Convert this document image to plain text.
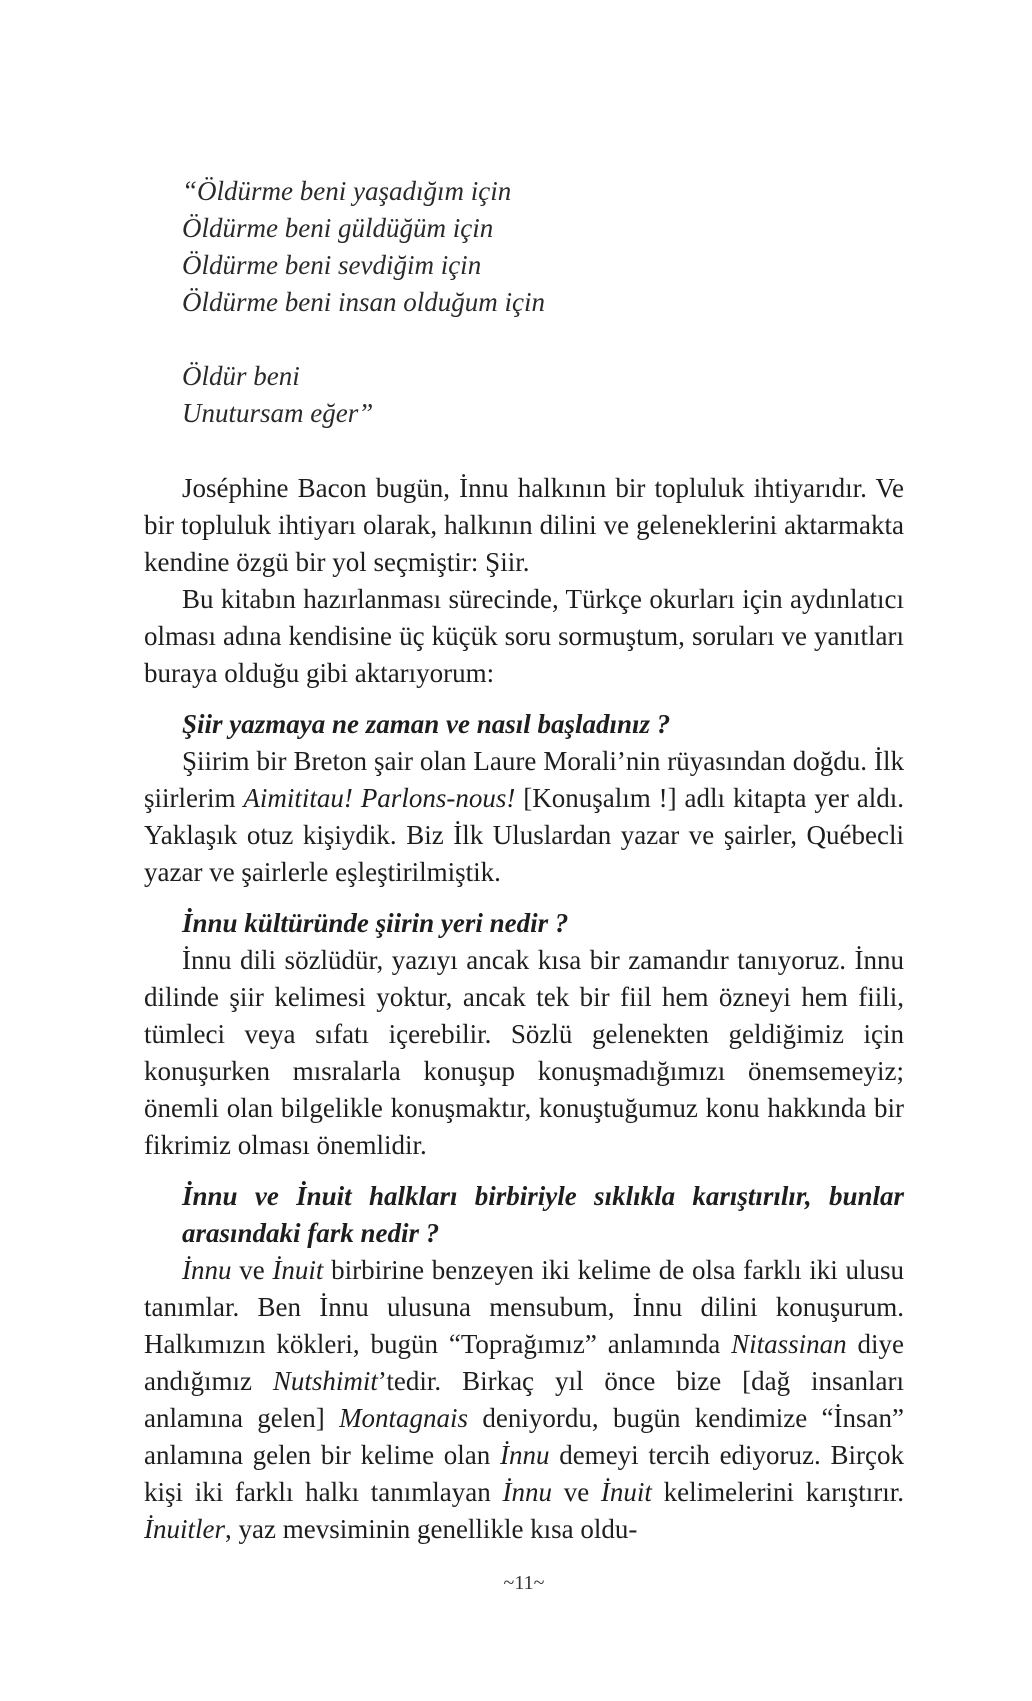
“Öldürme beni yaşadığım için
Öldürme beni güldüğüm için
Öldürme beni sevdiğim için
Öldürme beni insan olduğum için
Öldür beni
Unutursam eğer”

Joséphine Bacon bugün, İnnu halkının bir topluluk ihtiyarıdır. Ve bir topluluk ihtiyarı olarak, halkının dilini ve geleneklerini aktarmakta kendine özgü bir yol seçmiştir: Şiir.

Bu kitabın hazırlanması sürecinde, Türkçe okurları için aydınlatıcı olması adına kendisine üç küçük soru sormuştum, soruları ve yanıtları buraya olduğu gibi aktarıyorum:

Şiir yazmaya ne zaman ve nasıl başladınız ?

Şiirim bir Breton şair olan Laure Morali’nin rüyasından doğdu. İlk şiirlerim Aimititau! Parlons-nous! [Konuşalım !] adlı kitapta yer aldı. Yaklaşık otuz kişiydik. Biz İlk Uluslardan yazar ve şairler, Québecli yazar ve şairlerle eşleştirilmiştik.

İnnu kültüründe şiirin yeri nedir ?

İnnu dili sözlüdür, yazıyı ancak kısa bir zamandır tanıyoruz. İnnu dilinde şiir kelimesi yoktur, ancak tek bir fiil hem özneyi hem fiili, tümleci veya sıfatı içerebilir. Sözlü gelenekten geldiğimiz için konuşurken mısralarla konuşup konuşmadığımızı önemsemeyiz; önemli olan bilgelikle konuşmaktır, konuştuğumuz konu hakkında bir fikrimiz olması önemlidir.

İnnu ve İnuit halkları birbiriyle sıklıkla karıştırılır, bunlar arasındaki fark nedir ?

İnnu ve İnuit birbirine benzeyen iki kelime de olsa farklı iki ulusu tanımlar. Ben İnnu ulusuna mensubum, İnnu dilini konuşurum. Halkımızın kökleri, bugün “Toprağımız” anlamında Nitassinan diye andığımız Nutshimit’tedir. Birkaç yıl önce bize [dağ insanları anlamına gelen] Montagnais deniyordu, bugün kendimize “İnsan” anlamına gelen bir kelime olan İnnu demeyi tercih ediyoruz. Birçok kişi iki farklı halkı tanımlayan İnnu ve İnuit kelimelerini karıştırır. İnuitler, yaz mevsiminin genellikle kısa oldu-

~11~
